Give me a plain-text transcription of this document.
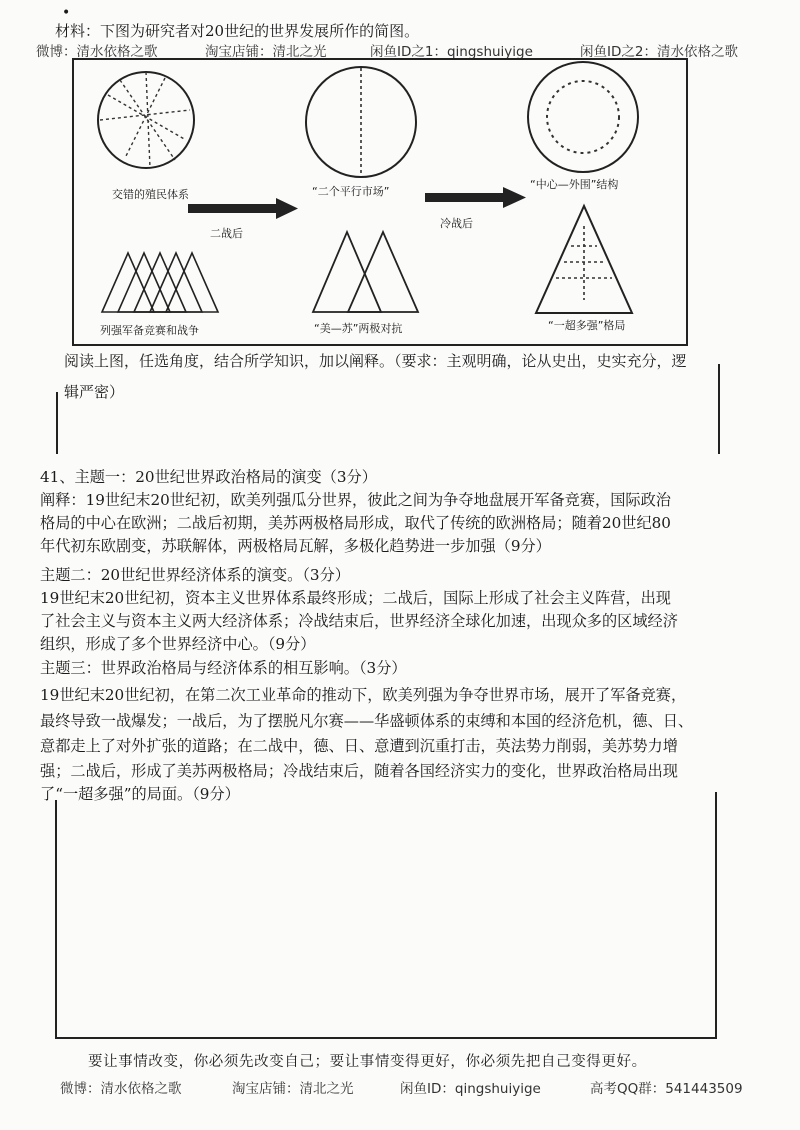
•
材料：下图为研究者对20世纪的世界发展所作的简图。
微博：清水依格之歌	淘宝店铺：清北之光	闲鱼ID之1：qingshuiyige	闲鱼ID之2：清水依格之歌
交错的殖民体系	“二个平行市场”
“中心—外围”结构
列强军备竞赛和战争	“美—苏”两极对抗	“一超多强”格局
二战后
冷战后
阅读上图，任选角度，结合所学知识，加以阐释。（要求：主观明确，论从史出，史实充分，逻
辑严密）
41、主题一：20世纪世界政治格局的演变（3分）
阐释：19世纪末20世纪初，欧美列强瓜分世界，彼此之间为争夺地盘展开军备竞赛，国际政治
格局的中心在欧洲；二战后初期，美苏两极格局形成，取代了传统的欧洲格局；随着20世纪80
年代初东欧剧变，苏联解体，两极格局瓦解，多极化趋势进一步加强（9分）
主题二：20世纪世界经济体系的演变。（3分）
19世纪末20世纪初，资本主义世界体系最终形成；二战后，国际上形成了社会主义阵营，出现
了社会主义与资本主义两大经济体系；冷战结束后，世界经济全球化加速，出现众多的区域经济
组织，形成了多个世界经济中心。（9分）
主题三：世界政治格局与经济体系的相互影响。（3分）
19世纪末20世纪初，在第二次工业革命的推动下，欧美列强为争夺世界市场，展开了军备竞赛，
最终导致一战爆发；一战后，为了摆脱凡尔赛——华盛顿体系的束缚和本国的经济危机，德、日、
意都走上了对外扩张的道路；在二战中，德、日、意遭到沉重打击，英法势力削弱，美苏势力增
强；二战后，形成了美苏两极格局；冷战结束后，随着各国经济实力的变化，世界政治格局出现
了“一超多强”的局面。（9分）
要让事情改变，你必须先改变自己；要让事情变得更好，你必须先把自己变得更好。
微博：清水依格之歌	淘宝店铺：清北之光	闲鱼ID：qingshuiyige	高考QQ群：541443509
